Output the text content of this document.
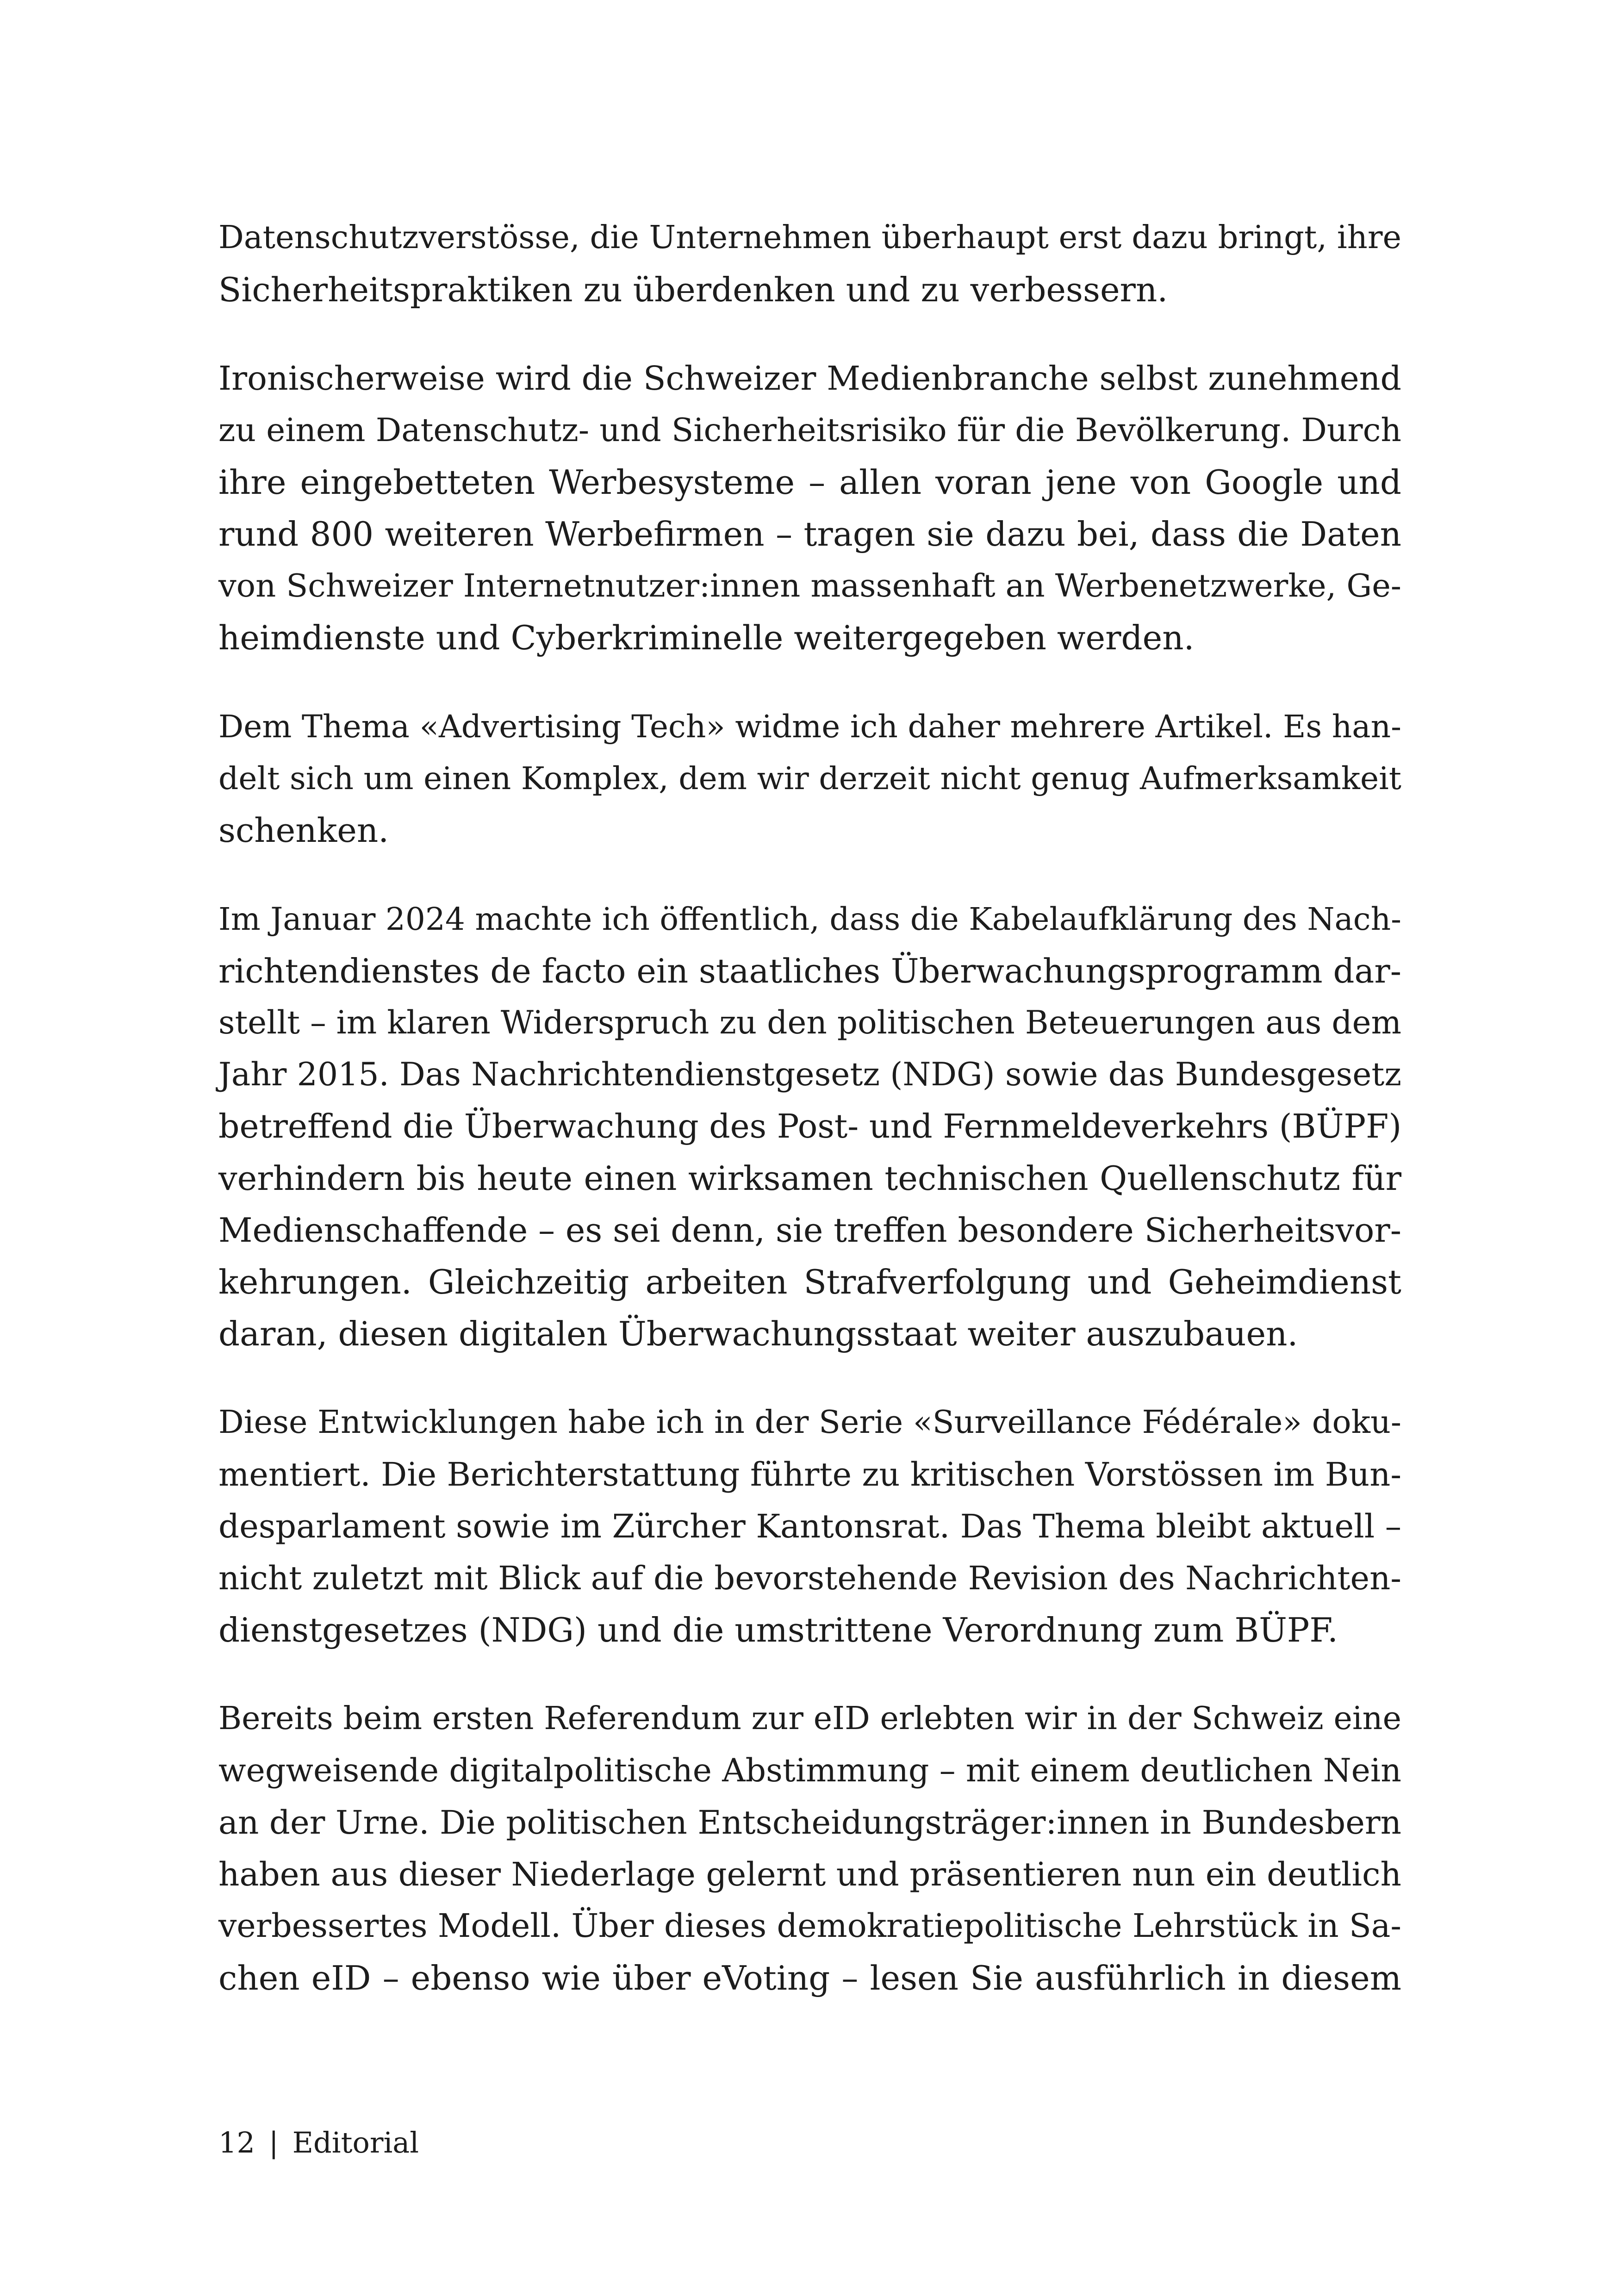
Datenschutzverstösse, die Unternehmen überhaupt erst dazu bringt, ihre
Sicherheitspraktiken zu überdenken und zu verbessern.
Ironischerweise wird die Schweizer Medienbranche selbst zunehmend
zu einem Datenschutz- und Sicherheitsrisiko für die Bevölkerung. Durch
ihre eingebetteten Werbesysteme – allen voran jene von Google und
rund 800 weiteren Werbefirmen – tragen sie dazu bei, dass die Daten
von Schweizer Internetnutzer:innen massenhaft an Werbenetzwerke, Ge-
heimdienste und Cyberkriminelle weitergegeben werden.
Dem Thema «Advertising Tech» widme ich daher mehrere Artikel. Es han-
delt sich um einen Komplex, dem wir derzeit nicht genug Aufmerksamkeit
schenken.
Im Januar 2024 machte ich öffentlich, dass die Kabelaufklärung des Nach-
richtendienstes de facto ein staatliches Überwachungsprogramm dar-
stellt – im klaren Widerspruch zu den politischen Beteuerungen aus dem
Jahr 2015. Das Nachrichtendienstgesetz (NDG) sowie das Bundesgesetz
betreffend die Überwachung des Post- und Fernmeldeverkehrs (BÜPF)
verhindern bis heute einen wirksamen technischen Quellenschutz für
Medienschaffende – es sei denn, sie treffen besondere Sicherheitsvor-
kehrungen. Gleichzeitig arbeiten Strafverfolgung und Geheimdienst
daran, diesen digitalen Überwachungsstaat weiter auszubauen.
Diese Entwicklungen habe ich in der Serie «Surveillance Fédérale» doku-
mentiert. Die Berichterstattung führte zu kritischen Vorstössen im Bun-
desparlament sowie im Zürcher Kantonsrat. Das Thema bleibt aktuell –
nicht zuletzt mit Blick auf die bevorstehende Revision des Nachrichten-
dienstgesetzes (NDG) und die umstrittene Verordnung zum BÜPF.
Bereits beim ersten Referendum zur eID erlebten wir in der Schweiz eine
wegweisende digitalpolitische Abstimmung – mit einem deutlichen Nein
an der Urne. Die politischen Entscheidungsträger:innen in Bundesbern
haben aus dieser Niederlage gelernt und präsentieren nun ein deutlich
verbessertes Modell. Über dieses demokratiepolitische Lehrstück in Sa-
chen eID – ebenso wie über eVoting – lesen Sie ausführlich in diesem
12 | Editorial
